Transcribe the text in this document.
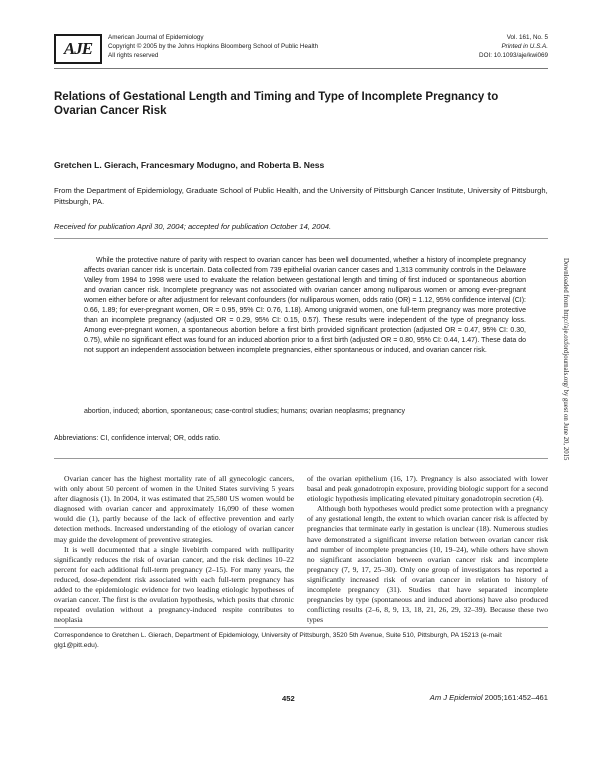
AJE
American Journal of Epidemiology
Copyright © 2005 by the Johns Hopkins Bloomberg School of Public Health
All rights reserved
Vol. 161, No. 5
Printed in U.S.A.
DOI: 10.1093/aje/kwi069
Relations of Gestational Length and Timing and Type of Incomplete Pregnancy to Ovarian Cancer Risk
Gretchen L. Gierach, Francesmary Modugno, and Roberta B. Ness
From the Department of Epidemiology, Graduate School of Public Health, and the University of Pittsburgh Cancer Institute, University of Pittsburgh, Pittsburgh, PA.
Received for publication April 30, 2004; accepted for publication October 14, 2004.
While the protective nature of parity with respect to ovarian cancer has been well documented, whether a history of incomplete pregnancy affects ovarian cancer risk is uncertain. Data collected from 739 epithelial ovarian cancer cases and 1,313 community controls in the Delaware Valley from 1994 to 1998 were used to evaluate the relation between gestational length and timing of first induced or spontaneous abortion and ovarian cancer risk. Incomplete pregnancy was not associated with ovarian cancer among nulliparous women or among ever-pregnant women either before or after adjustment for relevant confounders (for nulliparous women, odds ratio (OR) = 1.12, 95% confidence interval (CI): 0.66, 1.89; for ever-pregnant women, OR = 0.95, 95% CI: 0.76, 1.18). Among unigravid women, one full-term pregnancy was more protective than an incomplete pregnancy (adjusted OR = 0.29, 95% CI: 0.15, 0.57). These results were independent of the type of pregnancy loss. Among ever-pregnant women, a spontaneous abortion before a first birth provided significant protection (adjusted OR = 0.47, 95% CI: 0.30, 0.75), while no significant effect was found for an induced abortion prior to a first birth (adjusted OR = 0.80, 95% CI: 0.44, 1.47). These data do not support an independent association between incomplete pregnancies, either spontaneous or induced, and ovarian cancer risk.
abortion, induced; abortion, spontaneous; case-control studies; humans; ovarian neoplasms; pregnancy
Abbreviations: CI, confidence interval; OR, odds ratio.

Ovarian cancer has the highest mortality rate of all gynecologic cancers, with only about 50 percent of women in the United States surviving 5 years after diagnosis (1). In 2004, it was estimated that 25,580 US women would be diagnosed with ovarian cancer and approximately 16,090 of these women would die (1), partly because of the lack of effective prevention and early detection methods. Increased understanding of the etiology of ovarian cancer may guide the development of preventive strategies.

It is well documented that a single livebirth compared with nulliparity significantly reduces the risk of ovarian cancer, and the risk declines 10–22 percent for each additional full-term pregnancy (2–15). For many years, the reduced, dose-dependent risk associated with each full-term pregnancy has added to the epidemiologic evidence for two leading etiologic hypotheses of ovarian cancer. The first is the ovulation hypothesis, which posits that chronic repeated ovulation without a pregnancy-induced respite contributes to neoplasia

of the ovarian epithelium (16, 17). Pregnancy is also associated with lower basal and peak gonadotropin exposure, providing biologic support for a second etiologic hypothesis implicating elevated pituitary gonadotropin secretion (4).

Although both hypotheses would predict some protection with a pregnancy of any gestational length, the extent to which ovarian cancer risk is affected by pregnancies that terminate early in gestation is unclear (18). Numerous studies have demonstrated a significant inverse relation between ovarian cancer risk and number of incomplete pregnancies (10, 19–24), while others have shown no significant association between ovarian cancer risk and incomplete pregnancy (7, 9, 17, 25–30). Only one group of investigators has reported a significantly increased risk of ovarian cancer in relation to history of incomplete pregnancy (31). Studies that have separated incomplete pregnancies by type (spontaneous and induced abortions) have also produced conflicting results (2–6, 8, 9, 13, 18, 21, 26, 29, 32–39). Because these two types

Correspondence to Gretchen L. Gierach, Department of Epidemiology, University of Pittsburgh, 3520 5th Avenue, Suite 510, Pittsburgh, PA 15213 (e-mail: glg1@pitt.edu).
452	Am J Epidemiol 2005;161:452–461
Downloaded from http://aje.oxfordjournals.org/ by guest on June 20, 2015
